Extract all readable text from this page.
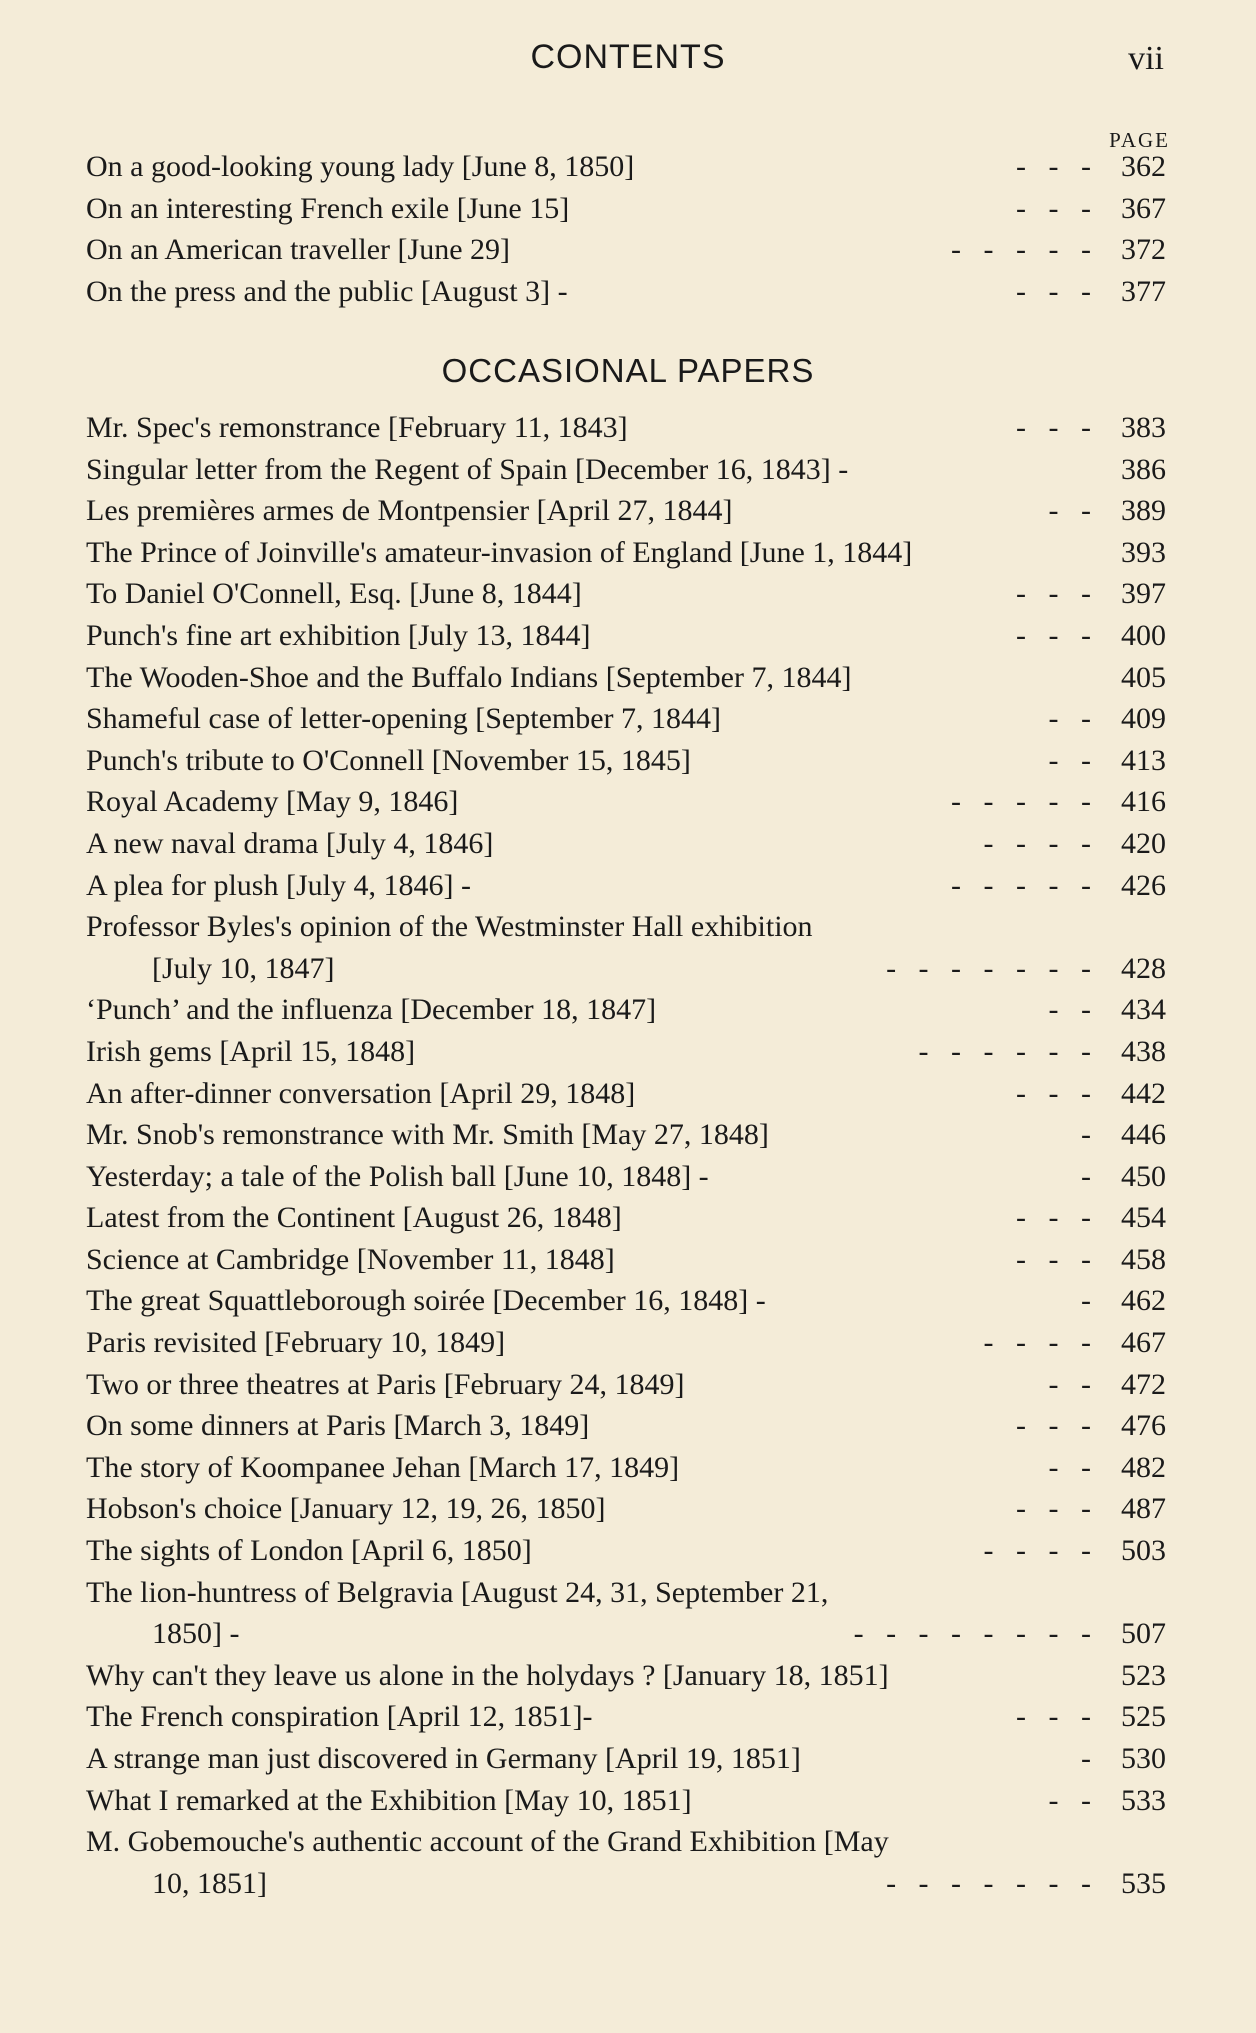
CONTENTS	vii
PAGE
On a good-looking young lady [June 8, 1850]	-   -   -	362
On an interesting French exile [June 15]	-   -   -	367
On an American traveller [June 29]	-   -   -   -   -	372
On the press and the public [August 3] -	-   -   -	377
OCCASIONAL PAPERS
Mr. Spec's remonstrance [February 11, 1843]	-   -   -	383
Singular letter from the Regent of Spain [December 16, 1843] -	386
Les premières armes de Montpensier [April 27, 1844]	-   -	389
The Prince of Joinville's amateur-invasion of England [June 1, 1844]	393
To Daniel O'Connell, Esq. [June 8, 1844]	-   -   -	397
Punch's fine art exhibition [July 13, 1844]	-   -   -	400
The Wooden-Shoe and the Buffalo Indians [September 7, 1844]	405
Shameful case of letter-opening [September 7, 1844]	-   -	409
Punch's tribute to O'Connell [November 15, 1845]	-   -	413
Royal Academy [May 9, 1846]	-   -   -   -   -	416
A new naval drama [July 4, 1846]	-   -   -   -	420
A plea for plush [July 4, 1846] -	-   -   -   -   -	426
Professor Byles's opinion of the Westminster Hall exhibition
[July 10, 1847]	-   -   -   -   -   -   -	428
‘Punch’ and the influenza [December 18, 1847]	-   -	434
Irish gems [April 15, 1848]	-   -   -   -   -   -	438
An after-dinner conversation [April 29, 1848]	-   -   -	442
Mr. Snob's remonstrance with Mr. Smith [May 27, 1848]	-	446
Yesterday; a tale of the Polish ball [June 10, 1848] -	-	450
Latest from the Continent [August 26, 1848]	-   -   -	454
Science at Cambridge [November 11, 1848]	-   -   -	458
The great Squattleborough soirée [December 16, 1848] -	-	462
Paris revisited [February 10, 1849]	-   -   -   -	467
Two or three theatres at Paris [February 24, 1849]	-   -	472
On some dinners at Paris [March 3, 1849]	-   -   -	476
The story of Koompanee Jehan [March 17, 1849]	-   -	482
Hobson's choice [January 12, 19, 26, 1850]	-   -   -	487
The sights of London [April 6, 1850]	-   -   -   -	503
The lion-huntress of Belgravia [August 24, 31, September 21,
1850] -	-   -   -   -   -   -   -   -	507
Why can't they leave us alone in the holydays ? [January 18, 1851]	523
The French conspiration [April 12, 1851]-	-   -   -	525
A strange man just discovered in Germany [April 19, 1851]	-	530
What I remarked at the Exhibition [May 10, 1851]	-   -	533
M. Gobemouche's authentic account of the Grand Exhibition [May
10, 1851]	-   -   -   -   -   -   -	535
